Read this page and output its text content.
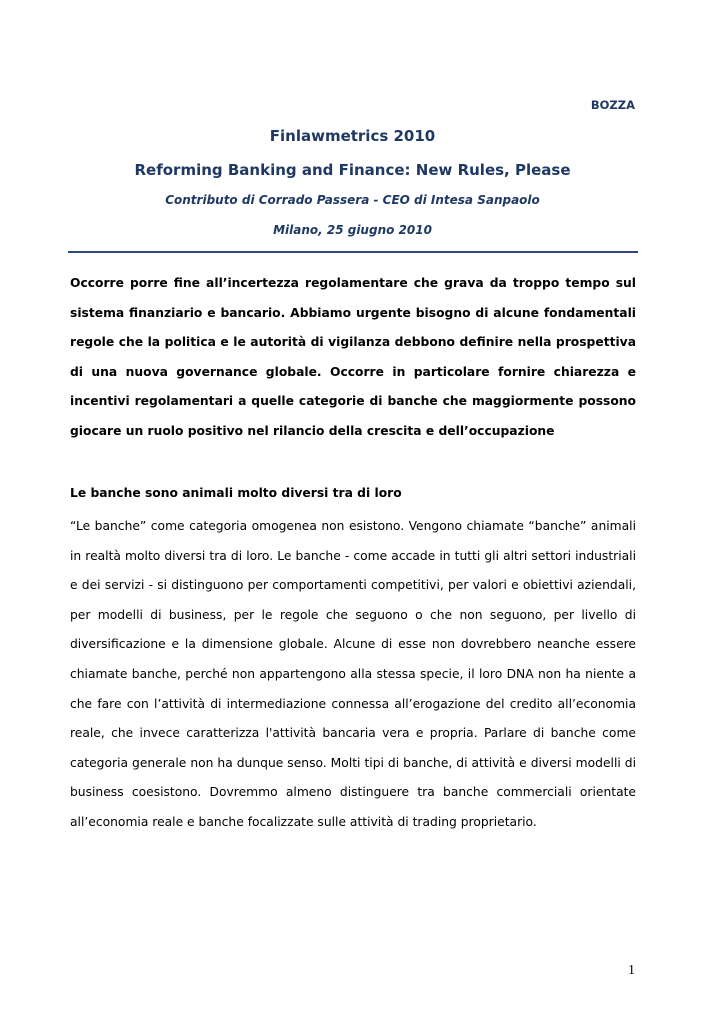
BOZZA
Finlawmetrics 2010
Reforming Banking and Finance: New Rules, Please
Contributo di Corrado Passera - CEO di Intesa Sanpaolo
Milano, 25 giugno 2010

Occorre porre fine all’incertezza regolamentare che grava da troppo tempo sul sistema finanziario e bancario. Abbiamo urgente bisogno di alcune fondamentali regole che la politica e le autorità di vigilanza debbono definire nella prospettiva di una nuova governance globale. Occorre in particolare fornire chiarezza e incentivi regolamentari a quelle categorie di banche che maggiormente possono giocare un ruolo positivo nel rilancio della crescita e dell’occupazione

Le banche sono animali molto diversi tra di loro

“Le banche” come categoria omogenea non esistono. Vengono chiamate “banche” animali in realtà molto diversi tra di loro. Le banche - come accade in tutti gli altri settori industriali e dei servizi - si distinguono per comportamenti competitivi, per valori e obiettivi aziendali, per modelli di business, per le regole che seguono o che non seguono, per livello di diversificazione e la dimensione globale. Alcune di esse non dovrebbero neanche essere chiamate banche, perché non appartengono alla stessa specie, il loro DNA non ha niente a che fare con l’attività di intermediazione connessa all’erogazione del credito all’economia reale, che invece caratterizza l'attività bancaria vera e propria. Parlare di banche come categoria generale non ha dunque senso. Molti tipi di banche, di attività e diversi modelli di business coesistono. Dovremmo almeno distinguere tra banche commerciali orientate all’economia reale e banche focalizzate sulle attività di trading proprietario.

1
